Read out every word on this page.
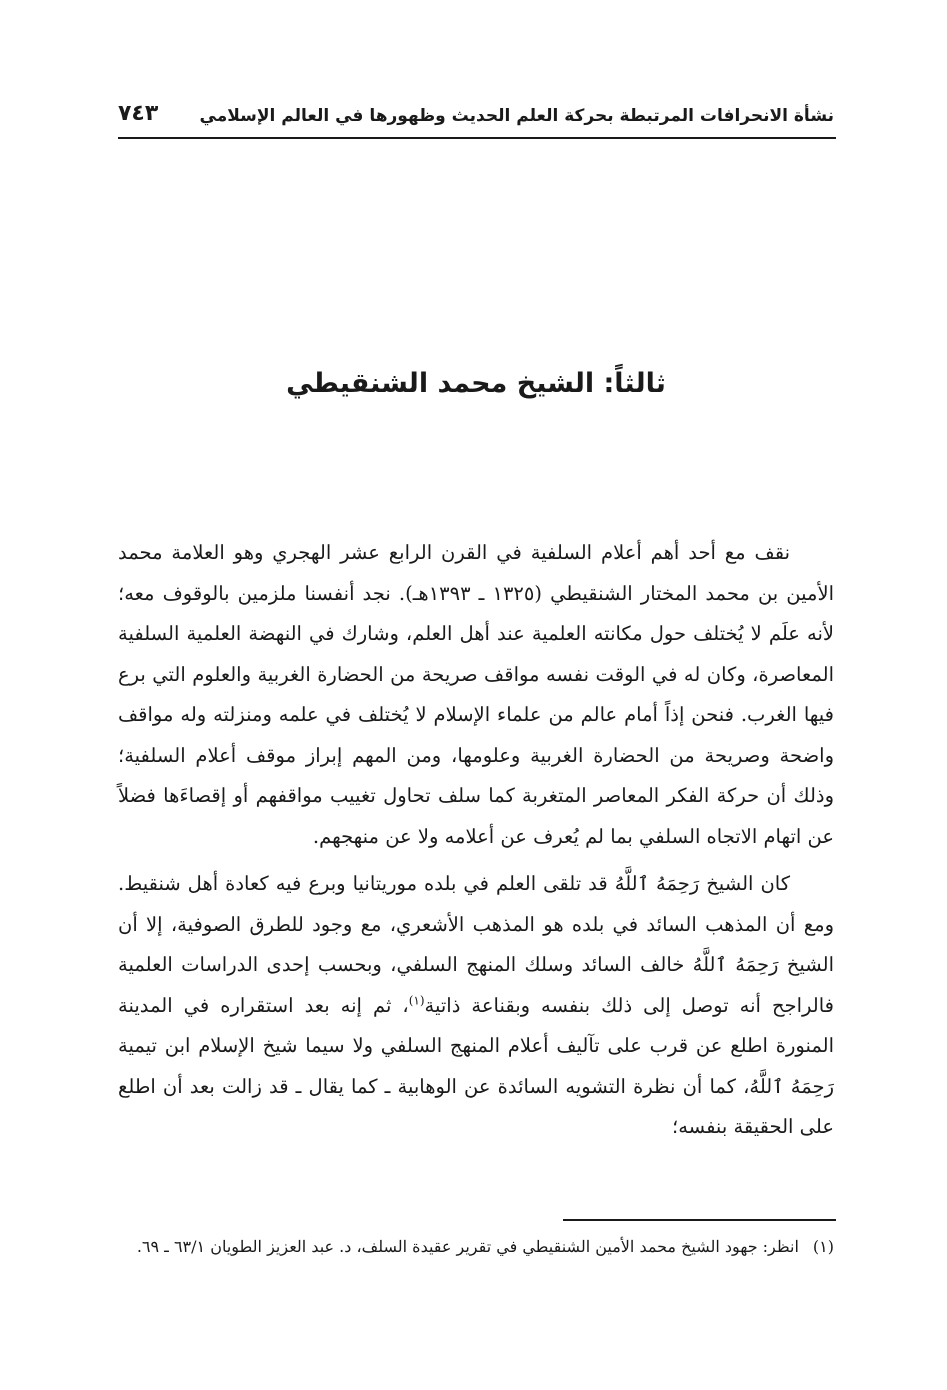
نشأة الانحرافات المرتبطة بحركة العلم الحديث وظهورها في العالم الإسلامي
٧٤٣
ثالثاً: الشيخ محمد الشنقيطي

نقف مع أحد أهم أعلام السلفية في القرن الرابع عشر الهجري وهو العلامة محمد الأمين بن محمد المختار الشنقيطي (١٣٢٥ ـ ١٣٩٣هـ). نجد أنفسنا ملزمين بالوقوف معه؛ لأنه علَم لا يُختلف حول مكانته العلمية عند أهل العلم، وشارك في النهضة العلمية السلفية المعاصرة، وكان له في الوقت نفسه مواقف صريحة من الحضارة الغربية والعلوم التي برع فيها الغرب. فنحن إذاً أمام عالم من علماء الإسلام لا يُختلف في علمه ومنزلته وله مواقف واضحة وصريحة من الحضارة الغربية وعلومها، ومن المهم إبراز موقف أعلام السلفية؛ وذلك أن حركة الفكر المعاصر المتغربة كما سلف تحاول تغييب مواقفهم أو إقصاءَها فضلاً عن اتهام الاتجاه السلفي بما لم يُعرف عن أعلامه ولا عن منهجهم.

كان الشيخ رَحِمَهُ ٱللَّهُ قد تلقى العلم في بلده موريتانيا وبرع فيه كعادة أهل شنقيط. ومع أن المذهب السائد في بلده هو المذهب الأشعري، مع وجود للطرق الصوفية، إلا أن الشيخ رَحِمَهُ ٱللَّهُ خالف السائد وسلك المنهج السلفي، وبحسب إحدى الدراسات العلمية فالراجح أنه توصل إلى ذلك بنفسه وبقناعة ذاتية$^{(١)}$، ثم إنه بعد استقراره في المدينة المنورة اطلع عن قرب على تآليف أعلام المنهج السلفي ولا سيما شيخ الإسلام ابن تيمية رَحِمَهُ ٱللَّهُ، كما أن نظرة التشويه السائدة عن الوهابية ـ كما يقال ـ قد زالت بعد أن اطلع على الحقيقة بنفسه؛

(١)انظر: جهود الشيخ محمد الأمين الشنقيطي في تقرير عقيدة السلف، د. عبد العزيز الطويان ٦٣/١ ـ ٦٩.
